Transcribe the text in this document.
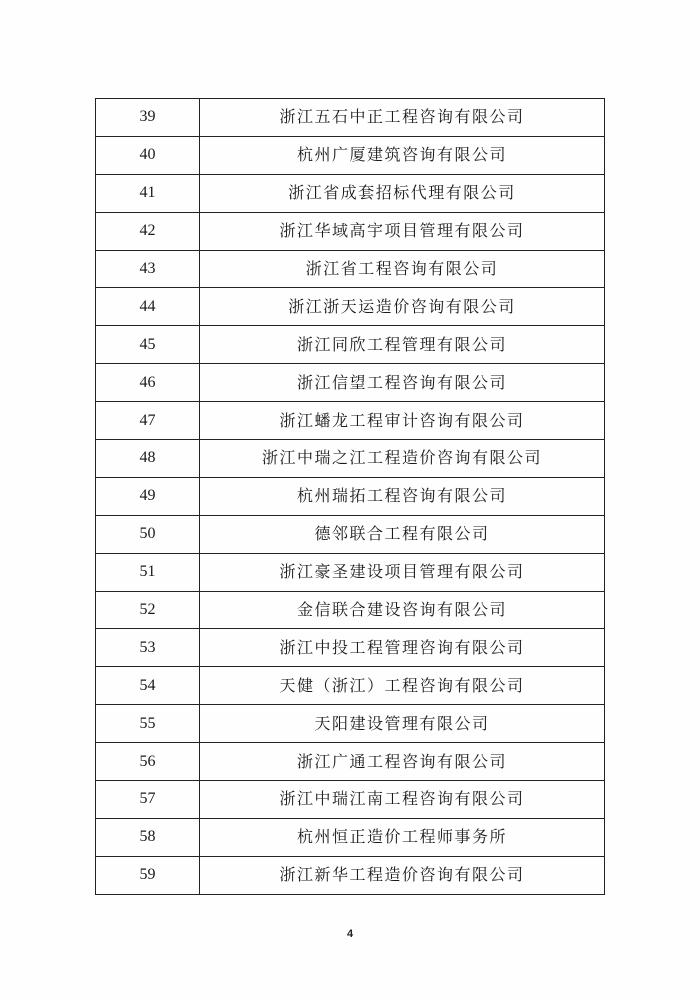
39	浙江五石中正工程咨询有限公司
40	杭州广厦建筑咨询有限公司
41	浙江省成套招标代理有限公司
42	浙江华域高宇项目管理有限公司
43	浙江省工程咨询有限公司
44	浙江浙天运造价咨询有限公司
45	浙江同欣工程管理有限公司
46	浙江信望工程咨询有限公司
47	浙江蟠龙工程审计咨询有限公司
48	浙江中瑞之江工程造价咨询有限公司
49	杭州瑞拓工程咨询有限公司
50	德邻联合工程有限公司
51	浙江豪圣建设项目管理有限公司
52	金信联合建设咨询有限公司
53	浙江中投工程管理咨询有限公司
54	天健（浙江）工程咨询有限公司
55	天阳建设管理有限公司
56	浙江广通工程咨询有限公司
57	浙江中瑞江南工程咨询有限公司
58	杭州恒正造价工程师事务所
59	浙江新华工程造价咨询有限公司
4
